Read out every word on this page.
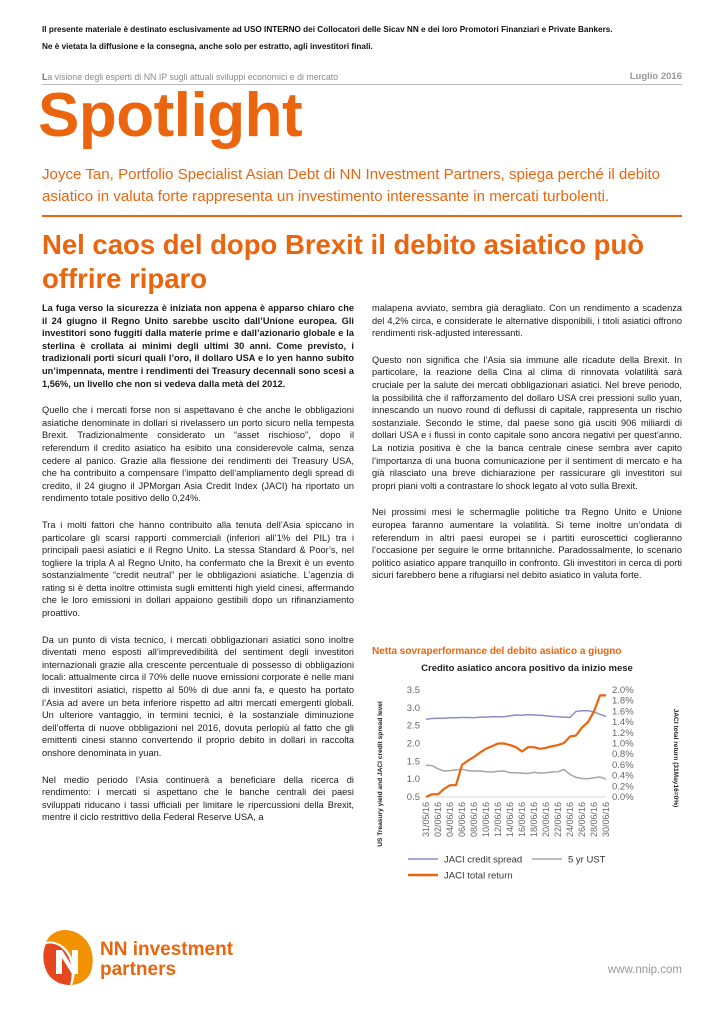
Il presente materiale è destinato esclusivamente ad USO INTERNO dei Collocatori delle Sicav NN e dei loro Promotori Finanziari e Private Bankers.
Ne è vietata la diffusione e la consegna, anche solo per estratto, agli investitori finali.
La visione degli esperti di NN IP sugli attuali sviluppi economici e di mercato	Luglio 2016
Spotlight
Joyce Tan, Portfolio Specialist Asian Debt di NN Investment Partners, spiega perché il debito asiatico in valuta forte rappresenta un investimento interessante in mercati turbolenti.
Nel caos del dopo Brexit il debito asiatico può offrire riparo

La fuga verso la sicurezza è iniziata non appena è apparso chiaro che il 24 giugno il Regno Unito sarebbe uscito dall’Unione europea. Gli investitori sono fuggiti dalla materie prime e dall’azionario globale e la sterlina è crollata ai minimi degli ultimi 30 anni. Come previsto, i tradizionali porti sicuri quali l’oro, il dollaro USA e lo yen hanno subito un’impennata, mentre i rendimenti dei Treasury decennali sono scesi a 1,56%, un livello che non si vedeva dalla metà del 2012.

Quello che i mercati forse non si aspettavano è che anche le obbligazioni asiatiche denominate in dollari si rivelassero un porto sicuro nella tempesta Brexit. Tradizionalmente considerato un “asset rischioso”, dopo il referendum il credito asiatico ha esibito una considerevole calma, senza cedere al panico. Grazie alla flessione dei rendimenti dei Treasury USA, che ha contribuito a compensare l’impatto dell’ampliamento degli spread di credito, il 24 giugno il JPMorgan Asia Credit Index (JACI) ha riportato un rendimento totale positivo dello 0,24%.

Tra i molti fattori che hanno contribuito alla tenuta dell’Asia spiccano in particolare gli scarsi rapporti commerciali (inferiori all’1% del PIL) tra i principali paesi asiatici e il Regno Unito. La stessa Standard & Poor’s, nel togliere la tripla A al Regno Unito, ha confermato che la Brexit è un evento sostanzialmente “credit neutral” per le obbligazioni asiatiche. L’agenzia di rating si è detta inoltre ottimista sugli emittenti high yield cinesi, affermando che le loro emissioni in dollari appaiono gestibili dopo un rifinanziamento proattivo.

Da un punto di vista tecnico, i mercati obbligazionari asiatici sono inoltre diventati meno esposti all’imprevedibilità del sentiment degli investitori internazionali grazie alla crescente percentuale di possesso di obbligazioni locali: attualmente circa il 70% delle nuove emissioni corporate è nelle mani di investitori asiatici, rispetto al 50% di due anni fa, e questo ha portato l’Asia ad avere un beta inferiore rispetto ad altri mercati emergenti globali. Un ulteriore vantaggio, in termini tecnici, è la sostanziale diminuzione dell’offerta di nuove obbligazioni nel 2016, dovuta perlopiù al fatto che gli emittenti cinesi stanno convertendo il proprio debito in dollari in raccolta onshore denominata in yuan.

Nel medio periodo l’Asia continuerà a beneficiare della ricerca di rendimento: i mercati si aspettano che le banche centrali dei paesi sviluppati riducano i tassi ufficiali per limitare le ripercussioni della Brexit, mentre il ciclo restrittivo della Federal Reserve USA, a

malapena avviato, sembra già deragliato. Con un rendimento a scadenza del 4,2% circa, e considerate le alternative disponibili, i titoli asiatici offrono rendimenti risk-adjusted interessanti.

Questo non significa che l’Asia sia immune alle ricadute della Brexit. In particolare, la reazione della Cina al clima di rinnovata volatilità sarà cruciale per la salute dei mercati obbligazionari asiatici. Nel breve periodo, la possibilità che il rafforzamento del dollaro USA crei pressioni sullo yuan, innescando un nuovo round di deflussi di capitale, rappresenta un rischio sostanziale. Secondo le stime, dal paese sono già usciti 906 miliardi di dollari USA e i flussi in conto capitale sono ancora negativi per quest’anno. La notizia positiva è che la banca centrale cinese sembra aver capito l’importanza di una buona comunicazione per il sentiment di mercato e ha già rilasciato una breve dichiarazione per rassicurare gli investitori sui propri piani volti a contrastare lo shock legato al voto sulla Brexit.

Nei prossimi mesi le schermaglie politiche tra Regno Unito e Unione europea faranno aumentare la volatilità. Si teme inoltre un’ondata di referendum in altri paesi europei se i partiti euroscettici coglieranno l’occasione per seguire le orme britanniche. Paradossalmente, lo scenario politico asiatico appare tranquillo in confronto. Gli investitori in cerca di porti sicuri farebbero bene a rifugiarsi nel debito asiatico in valuta forte.

Netta sovraperformance del debito asiatico a giugno
Credito asiatico ancora positivo da inizio mese
3.5
3.0
2.5
2.0
1.5
1.0
0.5
2.0%
1.8%
1.6%
1.4%
1.2%
1.0%
0.8%
0.6%
0.4%
0.2%
0.0%
31/05/16 02/06/16 04/06/16 06/06/16 08/06/16 10/06/16 12/06/16 14/06/16 16/06/16 18/06/16 20/06/16 22/06/16 24/06/16 26/06/16 28/06/16 30/06/16
US Treasury yield and JACI credit spread level	JACI total return (31May16=0%)
JACI credit spread	5 yr UST
JACI total return
NN investment
partners	www.nnip.com
